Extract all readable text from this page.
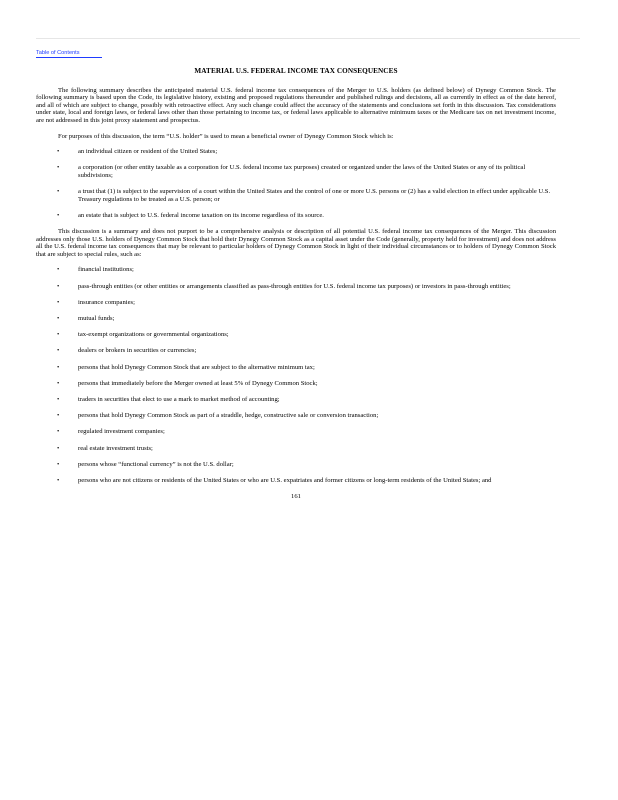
Table of Contents
MATERIAL U.S. FEDERAL INCOME TAX CONSEQUENCES

The following summary describes the anticipated material U.S. federal income tax consequences of the Merger to U.S. holders (as defined below) of Dynegy Common Stock. The following summary is based upon the Code, its legislative history, existing and proposed regulations thereunder and published rulings and decisions, all as currently in effect as of the date hereof, and all of which are subject to change, possibly with retroactive effect. Any such change could affect the accuracy of the statements and conclusions set forth in this discussion. Tax considerations under state, local and foreign laws, or federal laws other than those pertaining to income tax, or federal laws applicable to alternative minimum taxes or the Medicare tax on net investment income, are not addressed in this joint proxy statement and prospectus.

For purposes of this discussion, the term “U.S. holder” is used to mean a beneficial owner of Dynegy Common Stock which is:

•	an individual citizen or resident of the United States;
•	a corporation (or other entity taxable as a corporation for U.S. federal income tax purposes) created or organized under the laws of the United States or any of its political subdivisions;
•	a trust that (1) is subject to the supervision of a court within the United States and the control of one or more U.S. persons or (2) has a valid election in effect under applicable U.S. Treasury regulations to be treated as a U.S. person; or
•	an estate that is subject to U.S. federal income taxation on its income regardless of its source.

This discussion is a summary and does not purport to be a comprehensive analysis or description of all potential U.S. federal income tax consequences of the Merger. This discussion addresses only those U.S. holders of Dynegy Common Stock that hold their Dynegy Common Stock as a capital asset under the Code (generally, property held for investment) and does not address all the U.S. federal income tax consequences that may be relevant to particular holders of Dynegy Common Stock in light of their individual circumstances or to holders of Dynegy Common Stock that are subject to special rules, such as:

•	financial institutions;
•	pass-through entities (or other entities or arrangements classified as pass-through entities for U.S. federal income tax purposes) or investors in pass-through entities;
•	insurance companies;
•	mutual funds;
•	tax-exempt organizations or governmental organizations;
•	dealers or brokers in securities or currencies;
•	persons that hold Dynegy Common Stock that are subject to the alternative minimum tax;
•	persons that immediately before the Merger owned at least 5% of Dynegy Common Stock;
•	traders in securities that elect to use a mark to market method of accounting;
•	persons that hold Dynegy Common Stock as part of a straddle, hedge, constructive sale or conversion transaction;
•	regulated investment companies;
•	real estate investment trusts;
•	persons whose “functional currency” is not the U.S. dollar;
•	persons who are not citizens or residents of the United States or who are U.S. expatriates and former citizens or long-term residents of the United States; and
161
